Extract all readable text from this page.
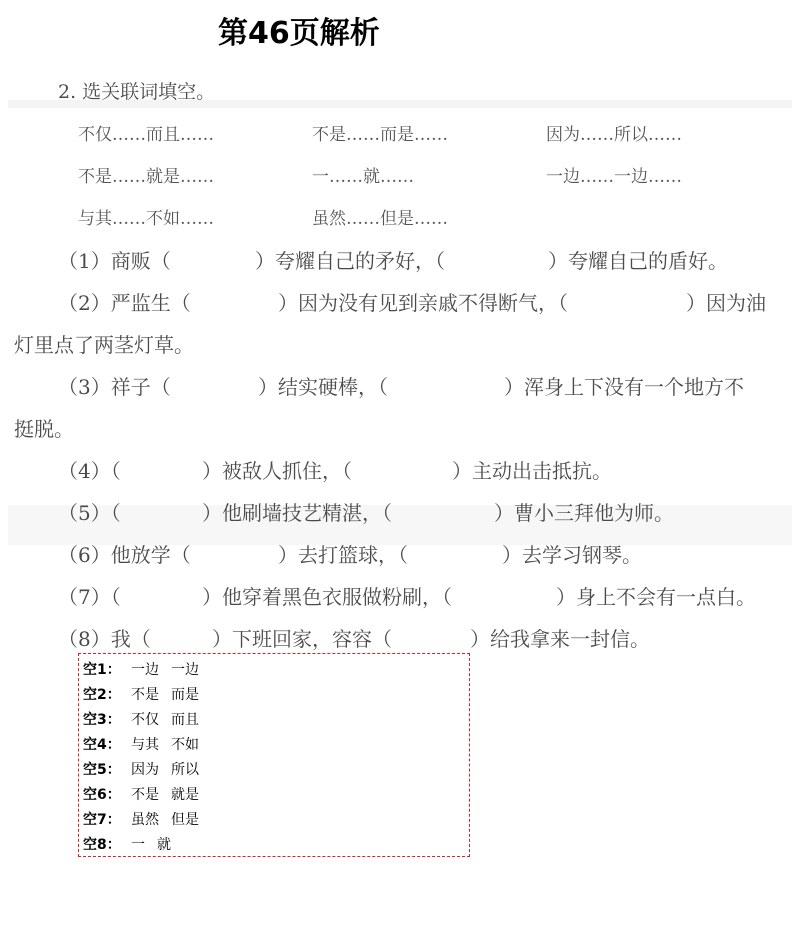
第46页解析
2. 选关联词填空。
不仅……而且……	不是……而是……	因为……所以……
不是……就是……	一……就……	一边……一边……
与其……不如……	虽然……但是……
（1）商贩（	）夸耀自己的矛好，（	）夸耀自己的盾好。
（2）严监生（	）因为没有见到亲戚不得断气，（	）因为油
灯里点了两茎灯草。
（3）祥子（	）结实硬棒，（	）浑身上下没有一个地方不
挺脱。
（4）（	）被敌人抓住，（	）主动出击抵抗。
（5）（	）他刷墙技艺精湛，（	）曹小三拜他为师。
（6）他放学（	）去打篮球，（	）去学习钢琴。
（7）（	）他穿着黑色衣服做粉刷，（	）身上不会有一点白。
（8）我（	）下班回家，容容（	）给我拿来一封信。
空1： 一边 一边
空2： 不是 而是
空3： 不仅 而且
空4： 与其 不如
空5： 因为 所以
空6： 不是 就是
空7： 虽然 但是
空8： 一 就
